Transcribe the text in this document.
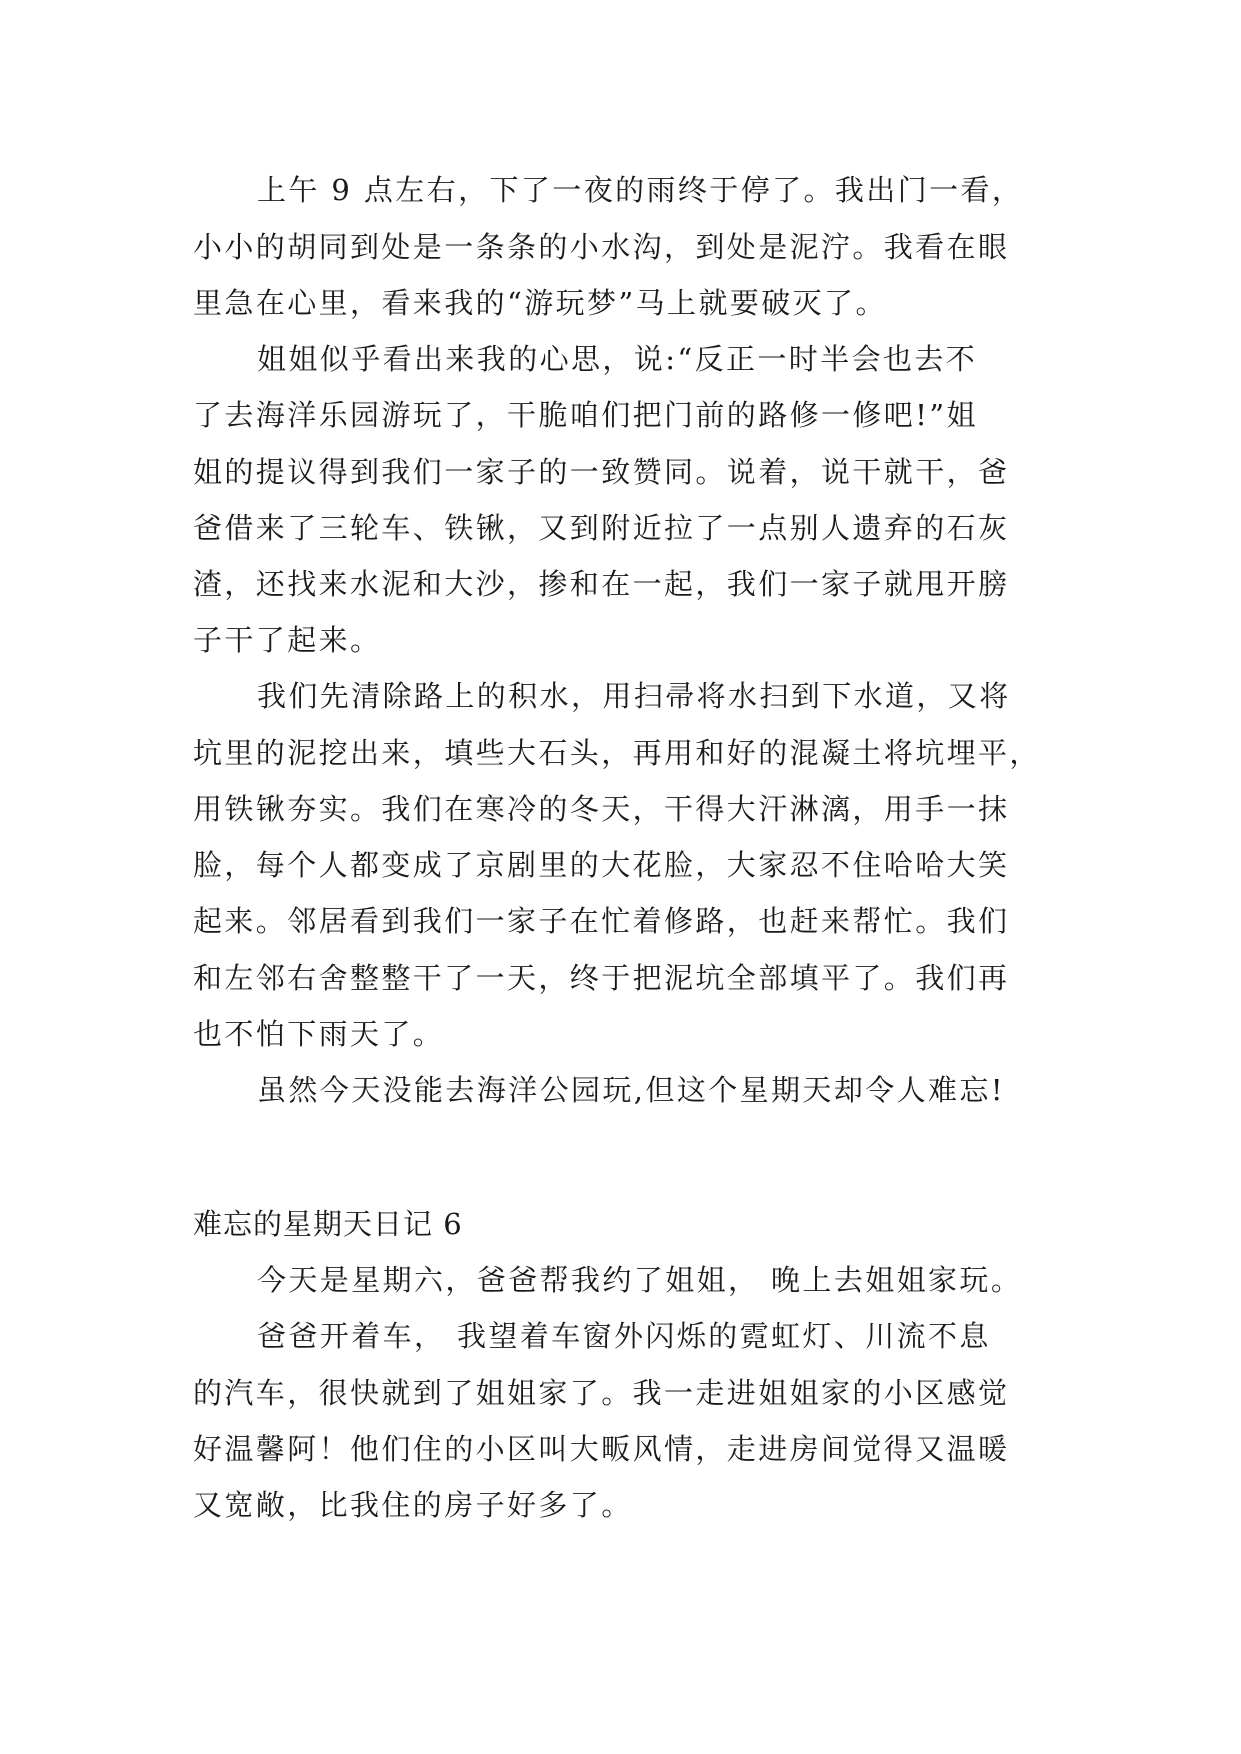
上午 9 点左右，下了一夜的雨终于停了。我出门一看，
小小的胡同到处是一条条的小水沟，到处是泥泞。我看在眼
里急在心里，看来我的“游玩梦”马上就要破灭了。
姐姐似乎看出来我的心思，说:“反正一时半会也去不
了去海洋乐园游玩了，干脆咱们把门前的路修一修吧!”姐
姐的提议得到我们一家子的一致赞同。说着，说干就干，爸
爸借来了三轮车、铁锹，又到附近拉了一点别人遗弃的石灰
渣，还找来水泥和大沙，掺和在一起，我们一家子就甩开膀
子干了起来。
我们先清除路上的积水，用扫帚将水扫到下水道，又将
坑里的泥挖出来，填些大石头，再用和好的混凝土将坑埋平，
用铁锹夯实。我们在寒冷的冬天，干得大汗淋漓，用手一抹
脸，每个人都变成了京剧里的大花脸，大家忍不住哈哈大笑
起来。邻居看到我们一家子在忙着修路，也赶来帮忙。我们
和左邻右舍整整干了一天，终于把泥坑全部填平了。我们再
也不怕下雨天了。
虽然今天没能去海洋公园玩,但这个星期天却令人难忘!
难忘的星期天日记 6
今天是星期六，爸爸帮我约了姐姐， 晚上去姐姐家玩。
爸爸开着车， 我望着车窗外闪烁的霓虹灯、川流不息
的汽车，很快就到了姐姐家了。我一走进姐姐家的小区感觉
好温馨阿！他们住的小区叫大畈风情，走进房间觉得又温暖
又宽敞，比我住的房子好多了。
